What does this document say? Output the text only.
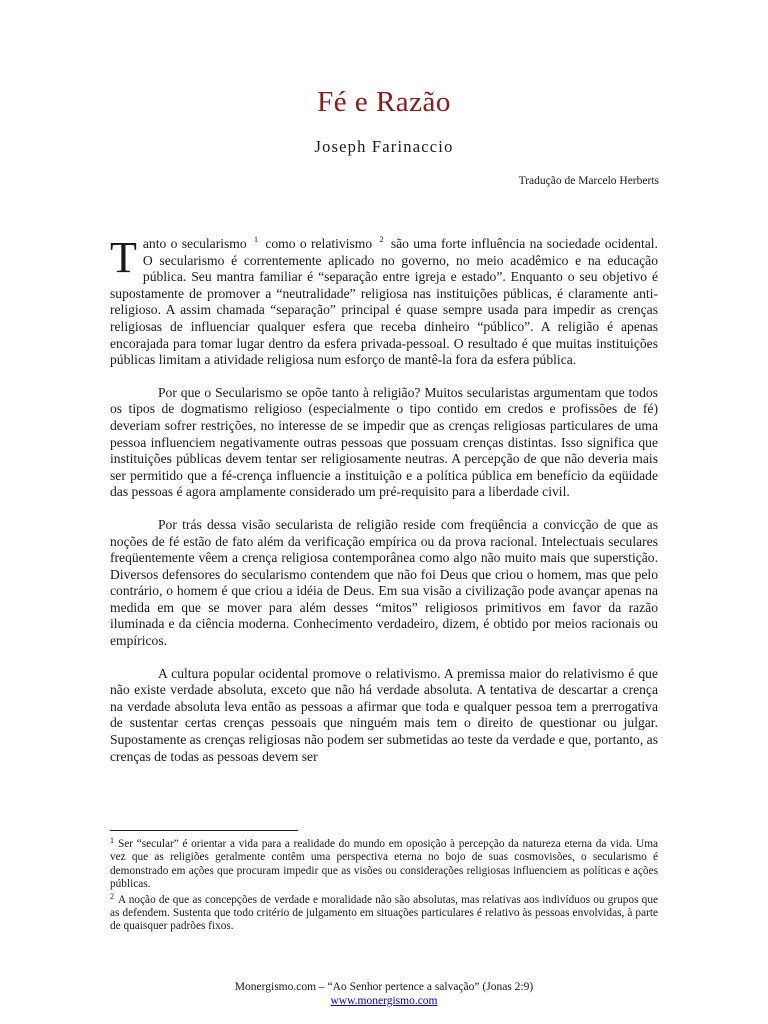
Fé e Razão
Joseph Farinaccio
Tradução de Marcelo Herberts

Tanto o secularismo $^1$ como o relativismo $^2$ são uma forte influência na sociedade ocidental. O secularismo é correntemente aplicado no governo, no meio acadêmico e na educação pública. Seu mantra familiar é “separação entre igreja e estado”. Enquanto o seu objetivo é supostamente de promover a “neutralidade” religiosa nas instituições públicas, é claramente anti-religioso. A assim chamada “separação” principal é quase sempre usada para impedir as crenças religiosas de influenciar qualquer esfera que receba dinheiro “público”. A religião é apenas encorajada para tomar lugar dentro da esfera privada-pessoal. O resultado é que muitas instituições públicas limitam a atividade religiosa num esforço de mantê-la fora da esfera pública.

Por que o Secularismo se opõe tanto à religião? Muitos secularistas argumentam que todos os tipos de dogmatismo religioso (especialmente o tipo contido em credos e profissões de fé) deveriam sofrer restrições, no interesse de se impedir que as crenças religiosas particulares de uma pessoa influenciem negativamente outras pessoas que possuam crenças distintas. Isso significa que instituições públicas devem tentar ser religiosamente neutras. A percepção de que não deveria mais ser permitido que a fé-crença influencie a instituição e a política pública em benefício da eqüidade das pessoas é agora amplamente considerado um pré-requisito para a liberdade civil.

Por trás dessa visão secularista de religião reside com freqüência a convicção de que as noções de fé estão de fato além da verificação empírica ou da prova racional. Intelectuais seculares freqüentemente vêem a crença religiosa contemporânea como algo não muito mais que superstição. Diversos defensores do secularismo contendem que não foi Deus que criou o homem, mas que pelo contrário, o homem é que criou a idéia de Deus. Em sua visão a civilização pode avançar apenas na medida em que se mover para além desses “mitos” religiosos primitivos em favor da razão iluminada e da ciência moderna. Conhecimento verdadeiro, dizem, é obtido por meios racionais ou empíricos.

A cultura popular ocidental promove o relativismo. A premissa maior do relativismo é que não existe verdade absoluta, exceto que não há verdade absoluta. A tentativa de descartar a crença na verdade absoluta leva então as pessoas a afirmar que toda e qualquer pessoa tem a prerrogativa de sustentar certas crenças pessoais que ninguém mais tem o direito de questionar ou julgar. Supostamente as crenças religiosas não podem ser submetidas ao teste da verdade e que, portanto, as crenças de todas as pessoas devem ser

$^1$ Ser “secular” é orientar a vida para a realidade do mundo em oposição à percepção da natureza eterna da vida. Uma vez que as religiões geralmente contêm uma perspectiva eterna no bojo de suas cosmovisões, o secularismo é demonstrado em ações que procuram impedir que as visões ou considerações religiosas influenciem as políticas e ações públicas.

$^2$ A noção de que as concepções de verdade e moralidade não são absolutas, mas relativas aos indivíduos ou grupos que as defendem. Sustenta que todo critério de julgamento em situações particulares é relativo às pessoas envolvidas, à parte de quaisquer padrões fixos.

Monergismo.com – “Ao Senhor pertence a salvação” (Jonas 2:9)
www.monergismo.com
